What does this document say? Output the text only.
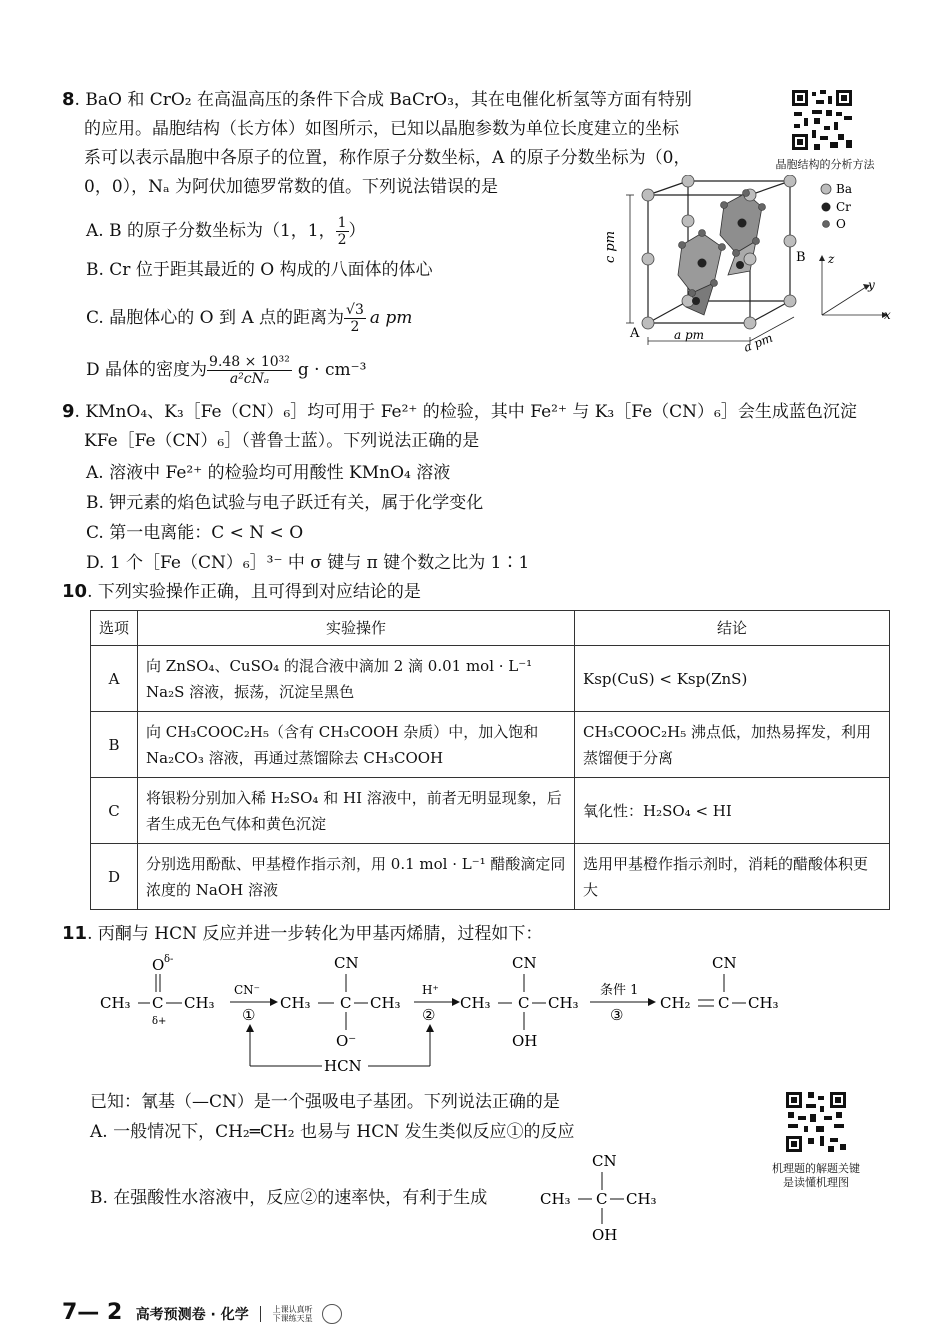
8. BaO 和 CrO₂ 在高温高压的条件下合成 BaCrO₃，其在电催化析氢等方面有特别
的应用。晶胞结构（长方体）如图所示，已知以晶胞参数为单位长度建立的坐标
系可以表示晶胞中各原子的位置，称作原子分数坐标，A 的原子分数坐标为（0，
0，0），Nₐ 为阿伏加德罗常数的值。下列说法错误的是
晶胞结构的分析方法
A. B 的原子分数坐标为（1，1， $\frac{1}{2}$ ）
B. Cr 位于距其最近的 O 构成的八面体的体心
C. 晶胞体心的 O 到 A 点的距离为 $\frac{√3}{2}$ a pm
D 晶体的密度为 $\frac{\text{9.48 × 10³²}}{\text{a²cNₐ}}$ g · cm⁻³
c pm
a pm	a pm
A
B
x
y
z
Ba
Cr
O
9. KMnO₄、K₃［Fe（CN）₆］均可用于 Fe²⁺ 的检验，其中 Fe²⁺ 与 K₃［Fe（CN）₆］会生成蓝色沉淀
KFe［Fe（CN）₆］（普鲁士蓝）。下列说法正确的是
A. 溶液中 Fe²⁺ 的检验均可用酸性 KMnO₄ 溶液
B. 钾元素的焰色试验与电子跃迁有关，属于化学变化
C. 第一电离能：C < N < O
D. 1 个［Fe（CN）₆］³⁻ 中 σ 键与 π 键个数之比为 1∶1
10. 下列实验操作正确，且可得到对应结论的是
选项	实验操作	结论
A	向 ZnSO₄、CuSO₄ 的混合液中滴加 2 滴 0.01 mol · L⁻¹ Na₂S 溶液，振荡，沉淀呈黑色	Ksp(CuS) < Ksp(ZnS)
B	向 CH₃COOC₂H₅（含有 CH₃COOH 杂质）中，加入饱和 Na₂CO₃ 溶液，再通过蒸馏除去 CH₃COOH	CH₃COOC₂H₅ 沸点低，加热易挥发，利用蒸馏便于分离
C	将银粉分别加入稀 H₂SO₄ 和 HI 溶液中，前者无明显现象，后者生成无色气体和黄色沉淀	氧化性：H₂SO₄ < HI
D	分别选用酚酞、甲基橙作指示剂，用 0.1 mol · L⁻¹ 醋酸滴定同浓度的 NaOH 溶液	选用甲基橙作指示剂时，消耗的醋酸体积更大
11. 丙酮与 HCN 反应并进一步转化为甲基丙烯腈，过程如下：
O δ-
CH₃ C CH₃
δ+
CN⁻
①
CN
CH₃ C CH₃
O⁻
H⁺
②
CN
CH₃ C CH₃
OH
条件 1
③
CN
CH₂ C CH₃
HCN
已知：氰基（—CN）是一个强吸电子基团。下列说法正确的是
A. 一般情况下，CH₂═CH₂ 也易与 HCN 发生类似反应①的反应
B. 在强酸性水溶液中，反应②的速率快，有利于生成
CN
CH₃ C CH₃
OH
机理题的解题关键
是读懂机理图
7— 2 高考预测卷 · 化学	上课认真听
下课练天星
